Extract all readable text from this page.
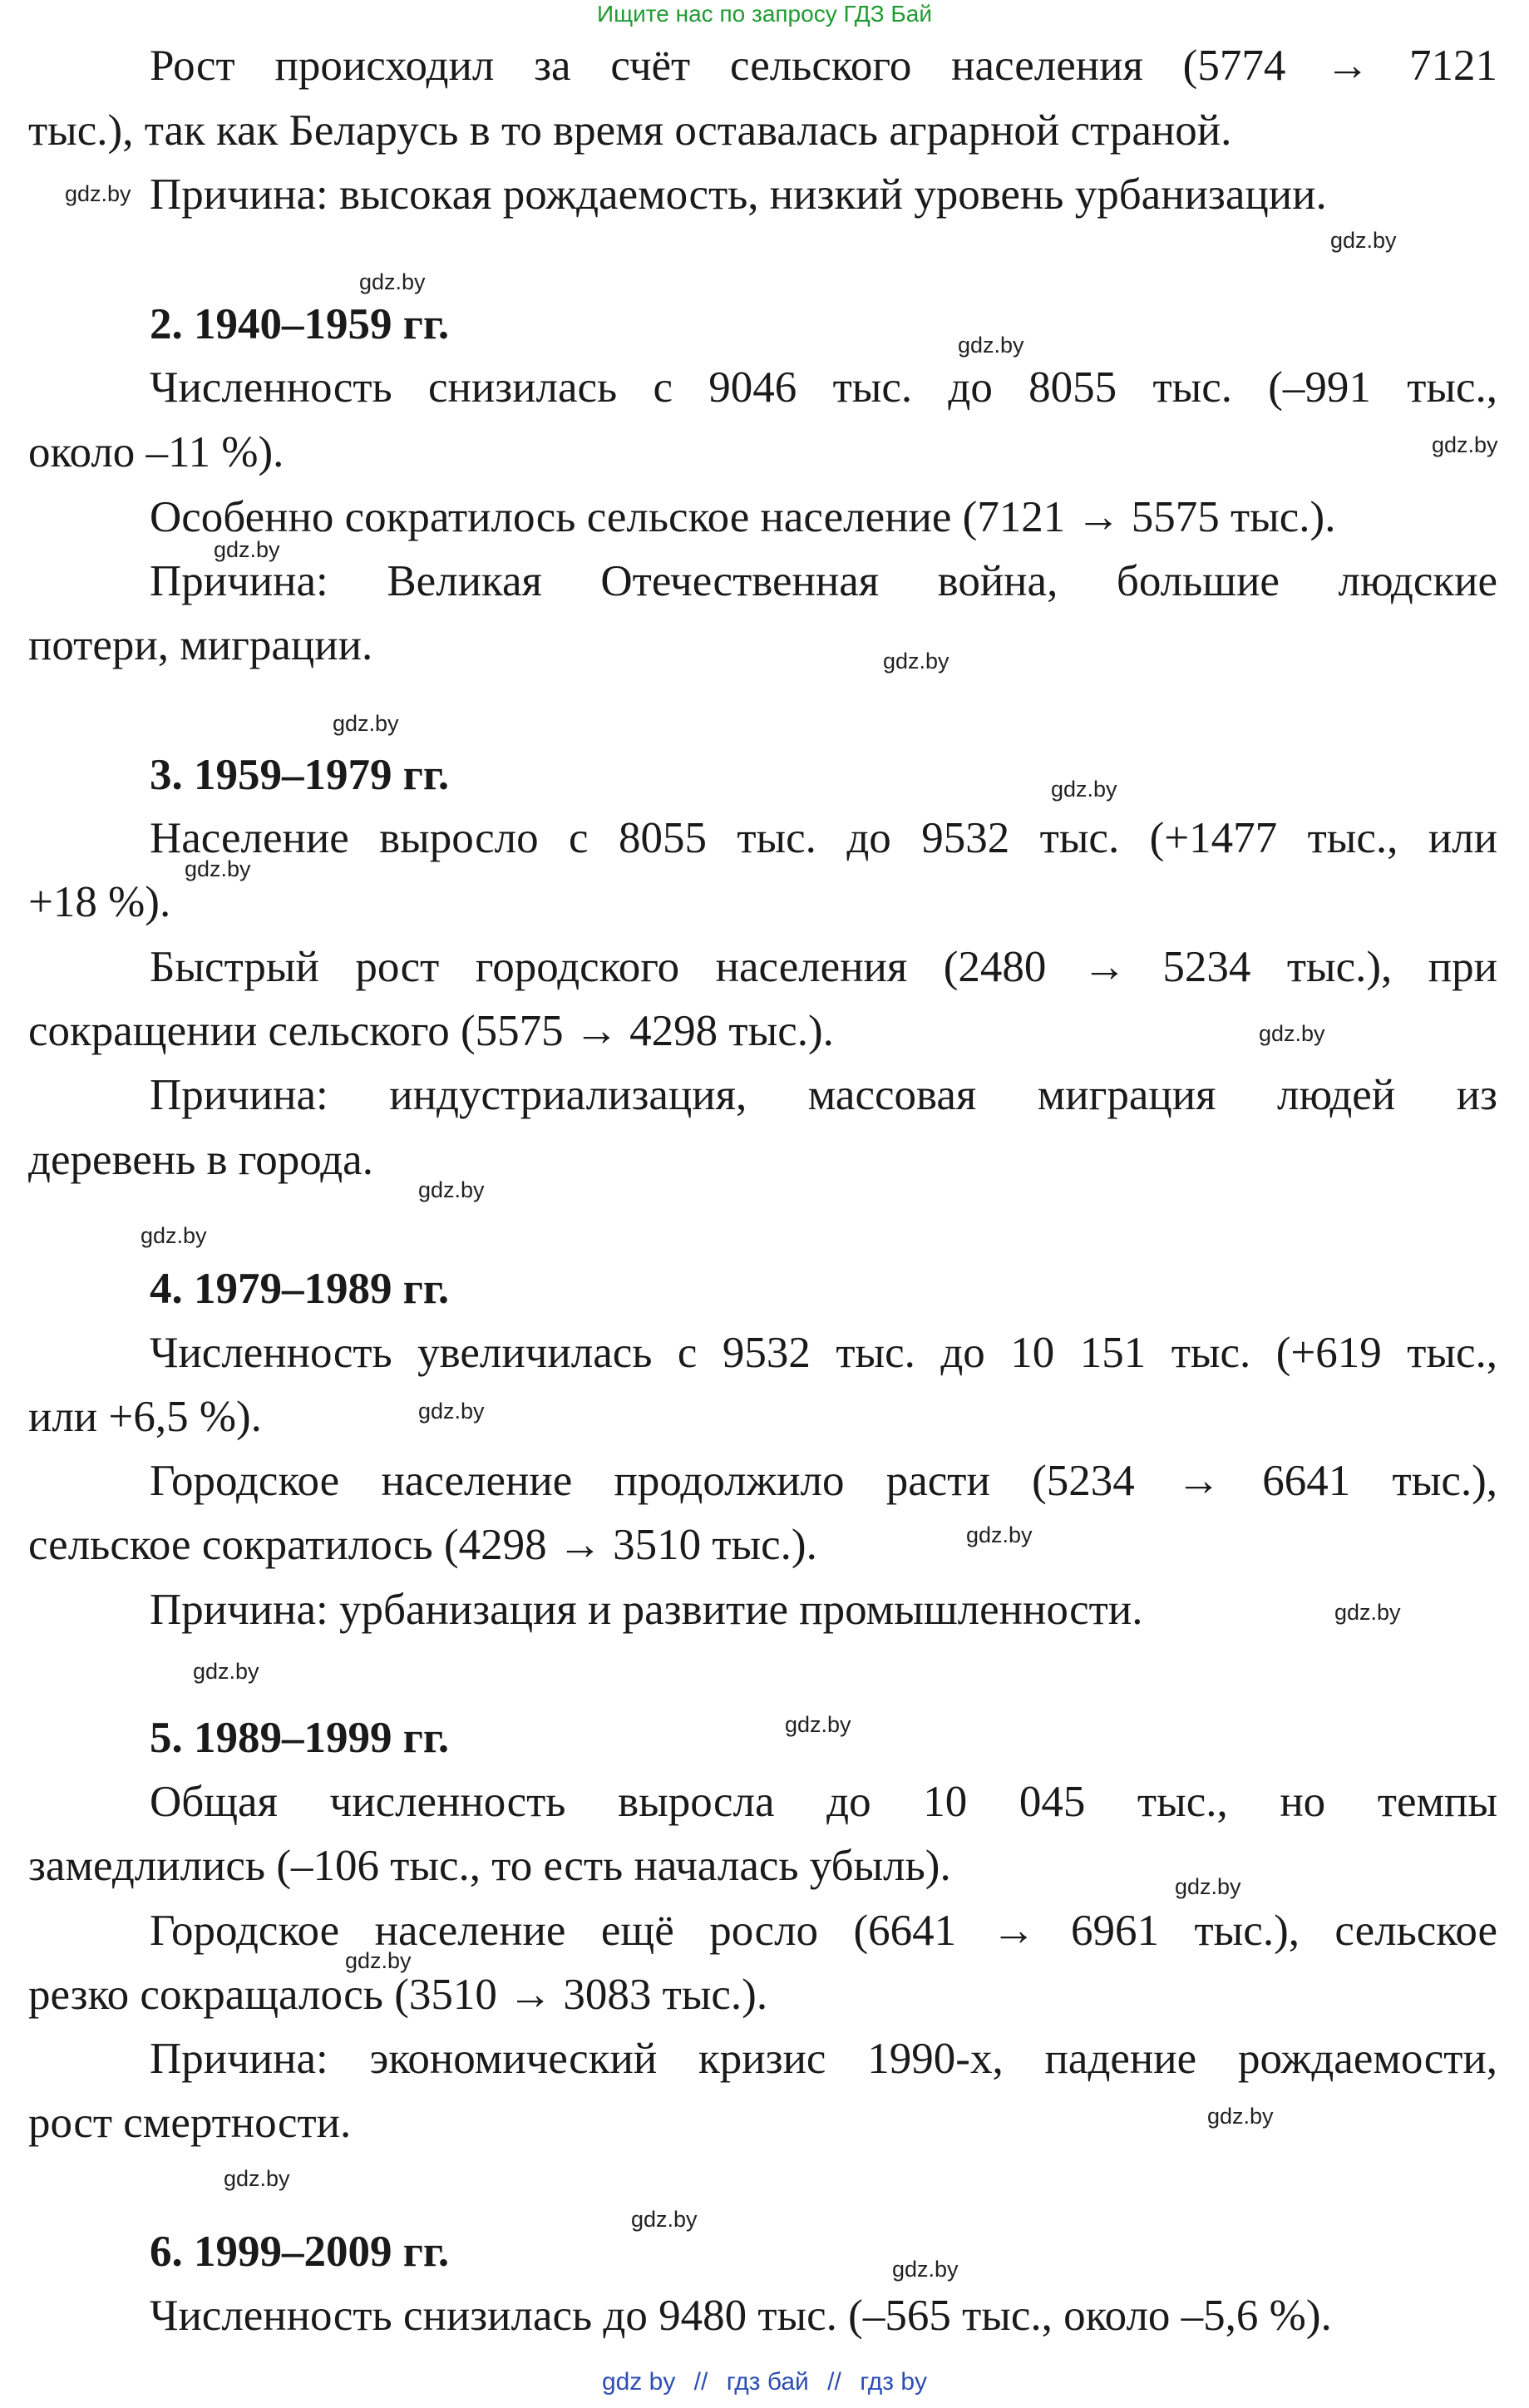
Ищите нас по запросу ГДЗ Бай
Рост происходил за счёт сельского населения (5774 → 7121
тыс.), так как Беларусь в то время оставалась аграрной страной.
Причина: высокая рождаемость, низкий уровень урбанизации.
2. 1940–1959 гг.
Численность снизилась с 9046 тыс. до 8055 тыс. (–991 тыс.,
около –11 %).
Особенно сократилось сельское население (7121 → 5575 тыс.).
Причина: Великая Отечественная война, большие людские
потери, миграции.
3. 1959–1979 гг.
Население выросло с 8055 тыс. до 9532 тыс. (+1477 тыс., или
+18 %).
Быстрый рост городского населения (2480 → 5234 тыс.), при
сокращении сельского (5575 → 4298 тыс.).
Причина: индустриализация, массовая миграция людей из
деревень в города.
4. 1979–1989 гг.
Численность увеличилась с 9532 тыс. до 10 151 тыс. (+619 тыс.,
или +6,5 %).
Городское население продолжило расти (5234 → 6641 тыс.),
сельское сократилось (4298 → 3510 тыс.).
Причина: урбанизация и развитие промышленности.
5. 1989–1999 гг.
Общая численность выросла до 10 045 тыс., но темпы
замедлились (–106 тыс., то есть началась убыль).
Городское население ещё росло (6641 → 6961 тыс.), сельское
резко сокращалось (3510 → 3083 тыс.).
Причина: экономический кризис 1990-х, падение рождаемости,
рост смертности.
6. 1999–2009 гг.
Численность снизилась до 9480 тыс. (–565 тыс., около –5,6 %).
gdz.by
gdz.by
gdz.by
gdz.by
gdz.by
gdz.by
gdz.by
gdz.by
gdz.by
gdz.by
gdz.by
gdz.by
gdz.by
gdz.by
gdz.by
gdz.by
gdz.by
gdz.by
gdz.by
gdz.by
gdz.by
gdz.by
gdz.by
gdz.by
gdz by // гдз бай // гдз by
